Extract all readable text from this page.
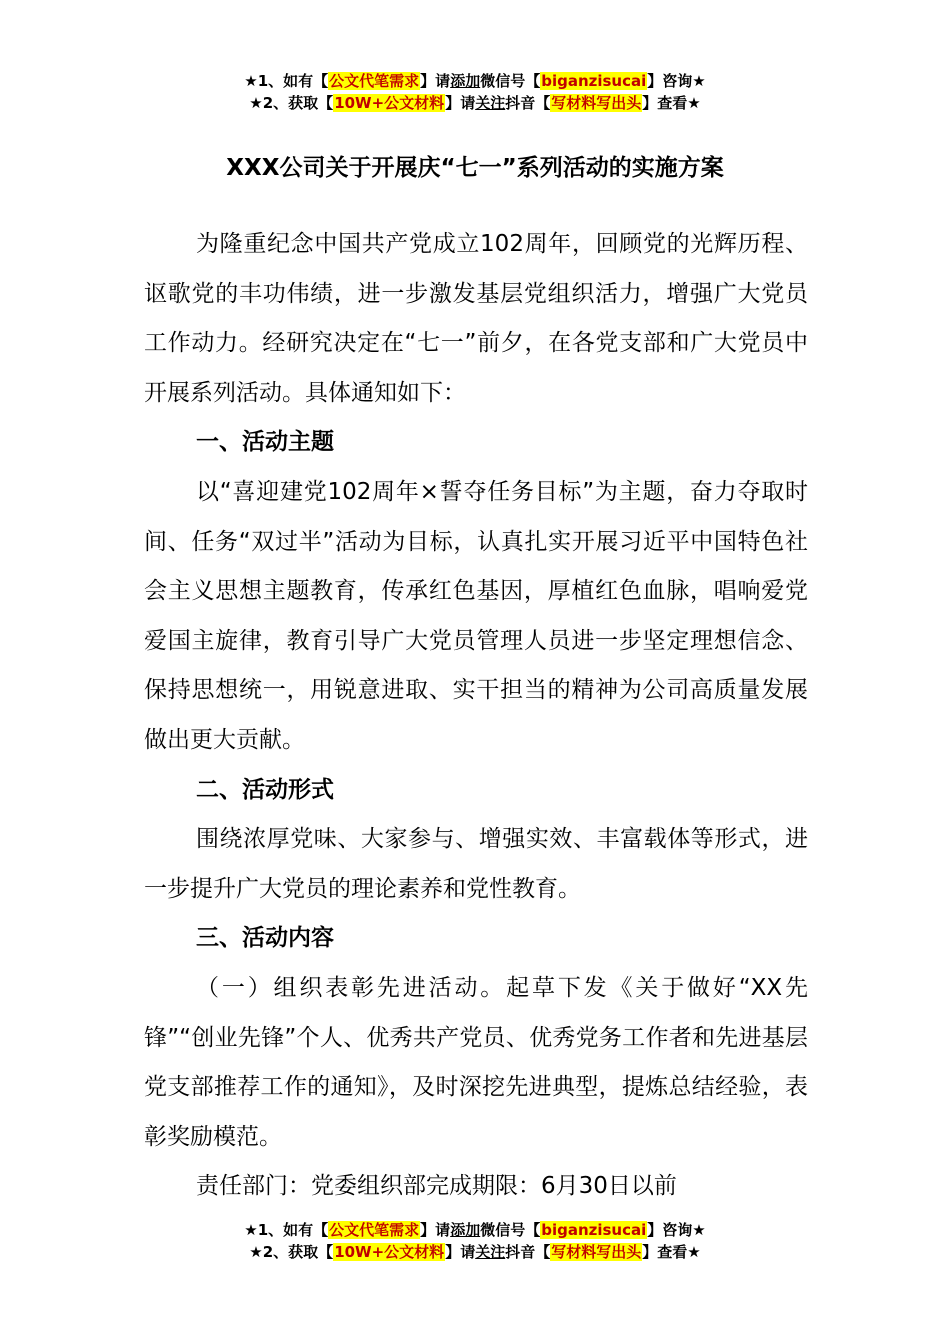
★1、如有【公文代笔需求】请添加微信号【biganzisucai】咨询★
★2、获取【10W+公文材料】请关注抖音【写材料写出头】查看★
XXX公司关于开展庆“七一”系列活动的实施方案

为隆重纪念中国共产党成立102周年，回顾党的光辉历程、讴歌党的丰功伟绩，进一步激发基层党组织活力，增强广大党员工作动力。经研究决定在“七一”前夕，在各党支部和广大党员中开展系列活动。具体通知如下：

一、活动主题

以“喜迎建党102周年×誓夺任务目标”为主题，奋力夺取时间、任务“双过半”活动为目标，认真扎实开展习近平中国特色社会主义思想主题教育，传承红色基因，厚植红色血脉，唱响爱党爱国主旋律，教育引导广大党员管理人员进一步坚定理想信念、保持思想统一，用锐意进取、实干担当的精神为公司高质量发展做出更大贡献。

二、活动形式

围绕浓厚党味、大家参与、增强实效、丰富载体等形式，进一步提升广大党员的理论素养和党性教育。

三、活动内容

（一）组织表彰先进活动。起草下发《关于做好“XX先锋”“创业先锋”个人、优秀共产党员、优秀党务工作者和先进基层党支部推荐工作的通知》，及时深挖先进典型，提炼总结经验，表彰奖励模范。

责任部门：党委组织部完成期限：6月30日以前

★1、如有【公文代笔需求】请添加微信号【biganzisucai】咨询★
★2、获取【10W+公文材料】请关注抖音【写材料写出头】查看★
